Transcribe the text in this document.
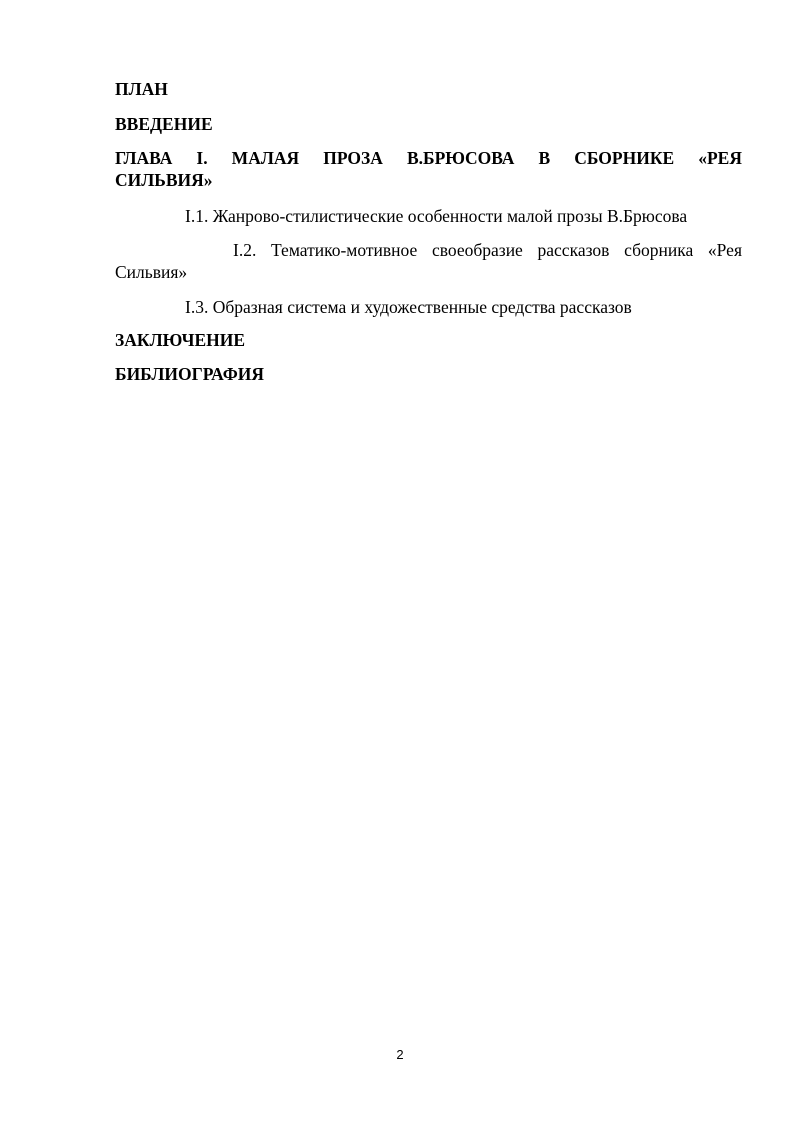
ПЛАН
ВВЕДЕНИЕ
ГЛАВА I. МАЛАЯ ПРОЗА В.БРЮСОВА В СБОРНИКЕ «РЕЯ
СИЛЬВИЯ»
I.1. Жанрово-стилистические особенности малой прозы В.Брюсова
I.2. Тематико-мотивное своеобразие рассказов сборника «Рея
Сильвия»
I.3. Образная система и художественные средства рассказов
ЗАКЛЮЧЕНИЕ
БИБЛИОГРАФИЯ
2
